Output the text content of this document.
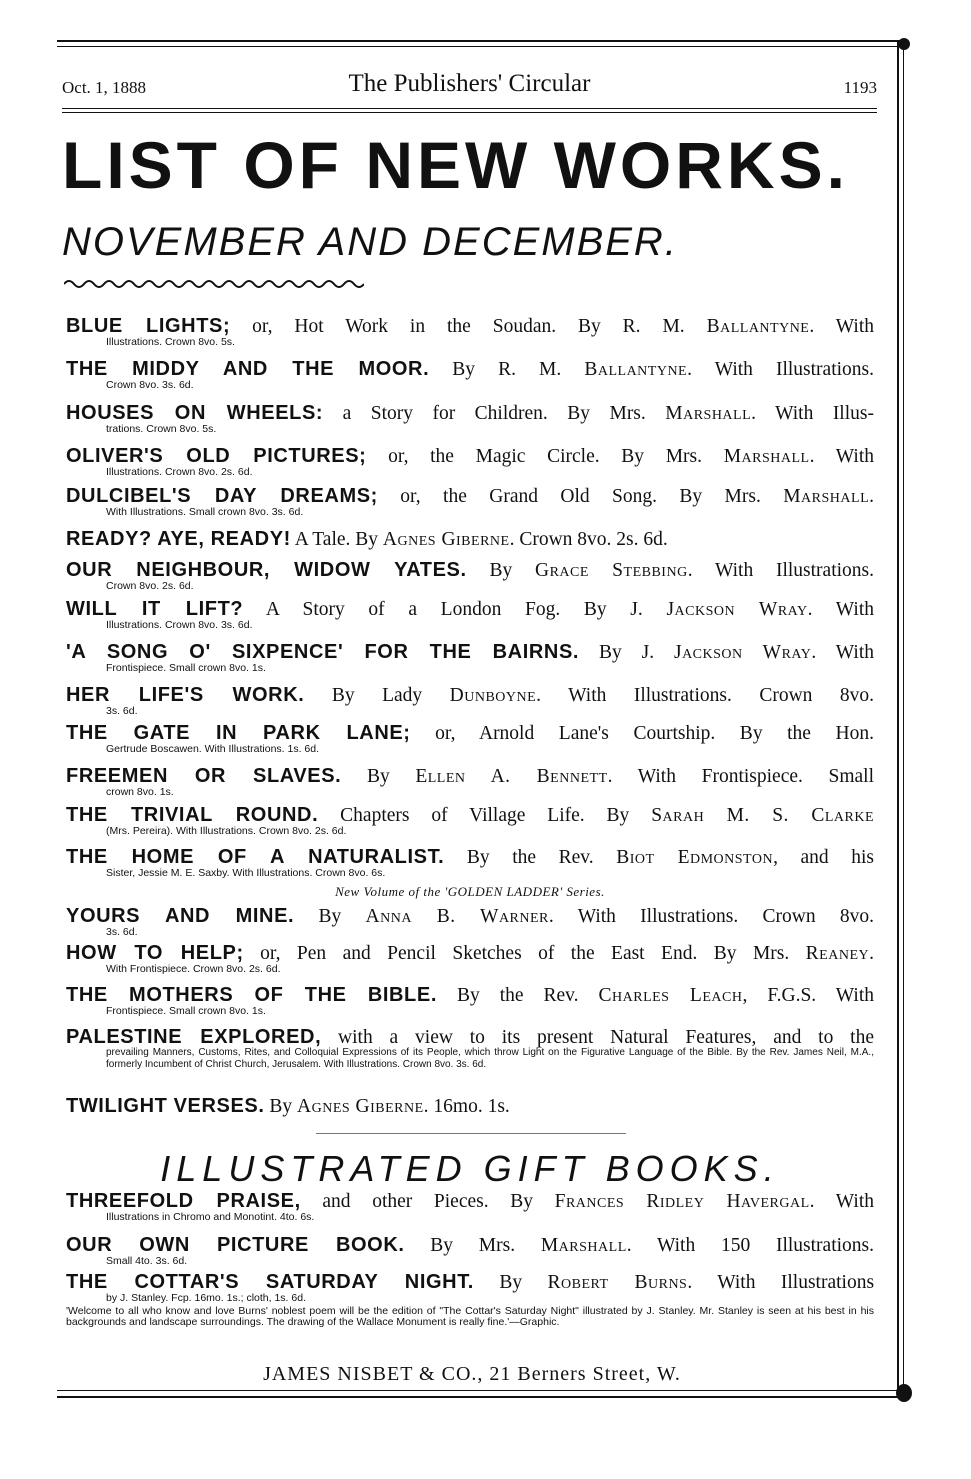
Oct. 1, 1888	The Publishers' Circular	1193
LIST OF NEW WORKS.
NOVEMBER AND DECEMBER.
BLUE LIGHTS; or, Hot Work in the Soudan. By R. M. Ballantyne. With
Illustrations. Crown 8vo. 5s.
THE MIDDY AND THE MOOR. By R. M. Ballantyne. With Illustrations.
Crown 8vo. 3s. 6d.
HOUSES ON WHEELS: a Story for Children. By Mrs. Marshall. With Illus-
trations. Crown 8vo. 5s.
OLIVER'S OLD PICTURES; or, the Magic Circle. By Mrs. Marshall. With
Illustrations. Crown 8vo. 2s. 6d.
DULCIBEL'S DAY DREAMS; or, the Grand Old Song. By Mrs. Marshall.
With Illustrations. Small crown 8vo. 3s. 6d.
READY? AYE, READY! A Tale. By Agnes Giberne. Crown 8vo. 2s. 6d.
OUR NEIGHBOUR, WIDOW YATES. By Grace Stebbing. With Illustrations.
Crown 8vo. 2s. 6d.
WILL IT LIFT? A Story of a London Fog. By J. Jackson Wray. With
Illustrations. Crown 8vo. 3s. 6d.
'A SONG O' SIXPENCE' FOR THE BAIRNS. By J. Jackson Wray. With
Frontispiece. Small crown 8vo. 1s.
HER LIFE'S WORK. By Lady Dunboyne. With Illustrations. Crown 8vo.
3s. 6d.
THE GATE IN PARK LANE; or, Arnold Lane's Courtship. By the Hon.
Gertrude Boscawen. With Illustrations. 1s. 6d.
FREEMEN OR SLAVES. By Ellen A. Bennett. With Frontispiece. Small
crown 8vo. 1s.
THE TRIVIAL ROUND. Chapters of Village Life. By Sarah M. S. Clarke
(Mrs. Pereira). With Illustrations. Crown 8vo. 2s. 6d.
THE HOME OF A NATURALIST. By the Rev. Biot Edmonston, and his
Sister, Jessie M. E. Saxby. With Illustrations. Crown 8vo. 6s.
New Volume of the 'GOLDEN LADDER' Series.
YOURS AND MINE. By Anna B. Warner. With Illustrations. Crown 8vo.
3s. 6d.
HOW TO HELP; or, Pen and Pencil Sketches of the East End. By Mrs. Reaney.
With Frontispiece. Crown 8vo. 2s. 6d.
THE MOTHERS OF THE BIBLE. By the Rev. Charles Leach, F.G.S. With
Frontispiece. Small crown 8vo. 1s.
PALESTINE EXPLORED, with a view to its present Natural Features, and to the
prevailing Manners, Customs, Rites, and Colloquial Expressions of its People, which throw Light on the Figurative Language of the Bible. By the Rev. James Neil, M.A., formerly Incumbent of Christ Church, Jerusalem. With Illustrations. Crown 8vo. 3s. 6d.
TWILIGHT VERSES. By Agnes Giberne. 16mo. 1s.
ILLUSTRATED GIFT BOOKS.
THREEFOLD PRAISE, and other Pieces. By Frances Ridley Havergal. With
Illustrations in Chromo and Monotint. 4to. 6s.
OUR OWN PICTURE BOOK. By Mrs. Marshall. With 150 Illustrations.
Small 4to. 3s. 6d.
THE COTTAR'S SATURDAY NIGHT. By Robert Burns. With Illustrations
by J. Stanley. Fcp. 16mo. 1s.; cloth, 1s. 6d.
'Welcome to all who know and love Burns' noblest poem will be the edition of "The Cottar's Saturday Night" illustrated by J. Stanley. Mr. Stanley is seen at his best in his backgrounds and landscape surroundings. The drawing of the Wallace Monument is really fine.'—Graphic.
JAMES NISBET & CO., 21 Berners Street, W.
